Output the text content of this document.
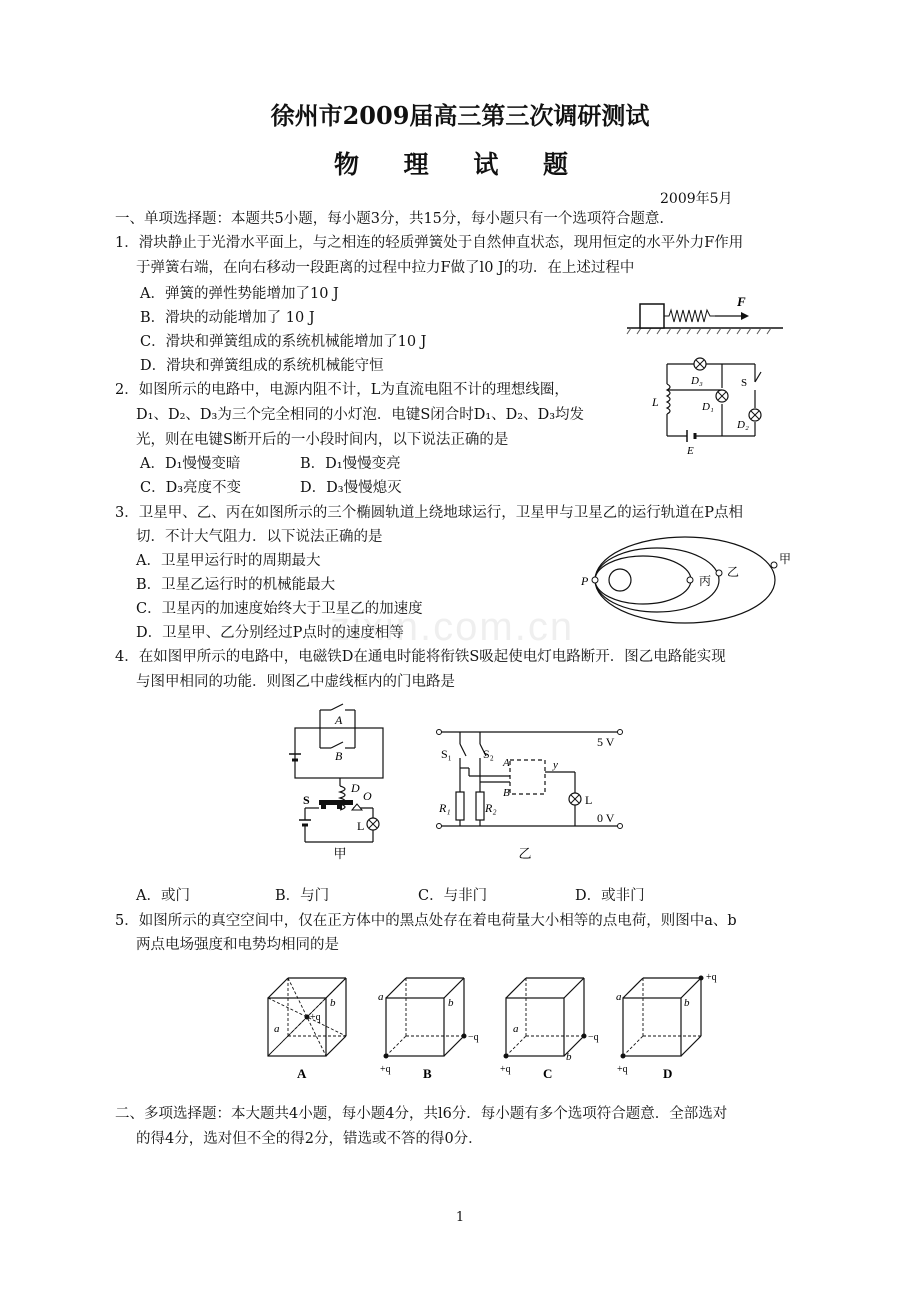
徐州市2009届高三第三次调研测试
物 理 试 题
2009年5月
一、单项选择题：本题共5小题，每小题3分，共15分，每小题只有一个选项符合题意.
1．滑块静止于光滑水平面上，与之相连的轻质弹簧处于自然伸直状态，现用恒定的水平外力F作用
于弹簧右端，在向右移动一段距离的过程中拉力F做了l0 J的功．在上述过程中
A．弹簧的弹性势能增加了10 J
B．滑块的动能增加了 10 J
C．滑块和弹簧组成的系统机械能增加了10 J
D．滑块和弹簧组成的系统机械能守恒
F
2．如图所示的电路中，电源内阻不计，L为直流电阻不计的理想线圈，
D₁、D₂、D₃为三个完全相同的小灯泡．电键S闭合时D₁、D₂、D₃均发
光，则在电键S断开后的一小段时间内，以下说法正确的是
A．D₁慢慢变暗	B．D₁慢慢变亮
C．D₃亮度不变	D．D₃慢慢熄灭
L
D₃
D₁
S
D₂
E
3．卫星甲、乙、丙在如图所示的三个椭圆轨道上绕地球运行，卫星甲与卫星乙的运行轨道在P点相
切．不计大气阻力．以下说法正确的是
A．卫星甲运行时的周期最大
B．卫星乙运行时的机械能最大
C．卫星丙的加速度始终大于卫星乙的加速度
D．卫星甲、乙分别经过P点时的速度相等
P	丙
乙
甲
zixin.com.cn
4．在如图甲所示的电路中，电磁铁D在通电时能将衔铁S吸起使电灯电路断开．图乙电路能实现
与图甲相同的功能．则图乙中虚线框内的门电路是
A
B
D
S	O
L
甲
S₁	S₂
A
B
y
R₁	R₂
L
5 V
0 V
乙
A．或门	B．与门	C．与非门	D．或非门
5．如图所示的真空空间中，仅在正方体中的黑点处存在着电荷量大小相等的点电荷，则图中a、b
两点电场强度和电势均相同的是
a
b
+q
A
a	b
+q
−q
B
a
b
+q
−q
C
a	b
+q
+q
D
二、多项选择题：本大题共4小题，每小题4分，共l6分．每小题有多个选项符合题意．全部选对
的得4分，选对但不全的得2分，错选或不答的得0分．
1
